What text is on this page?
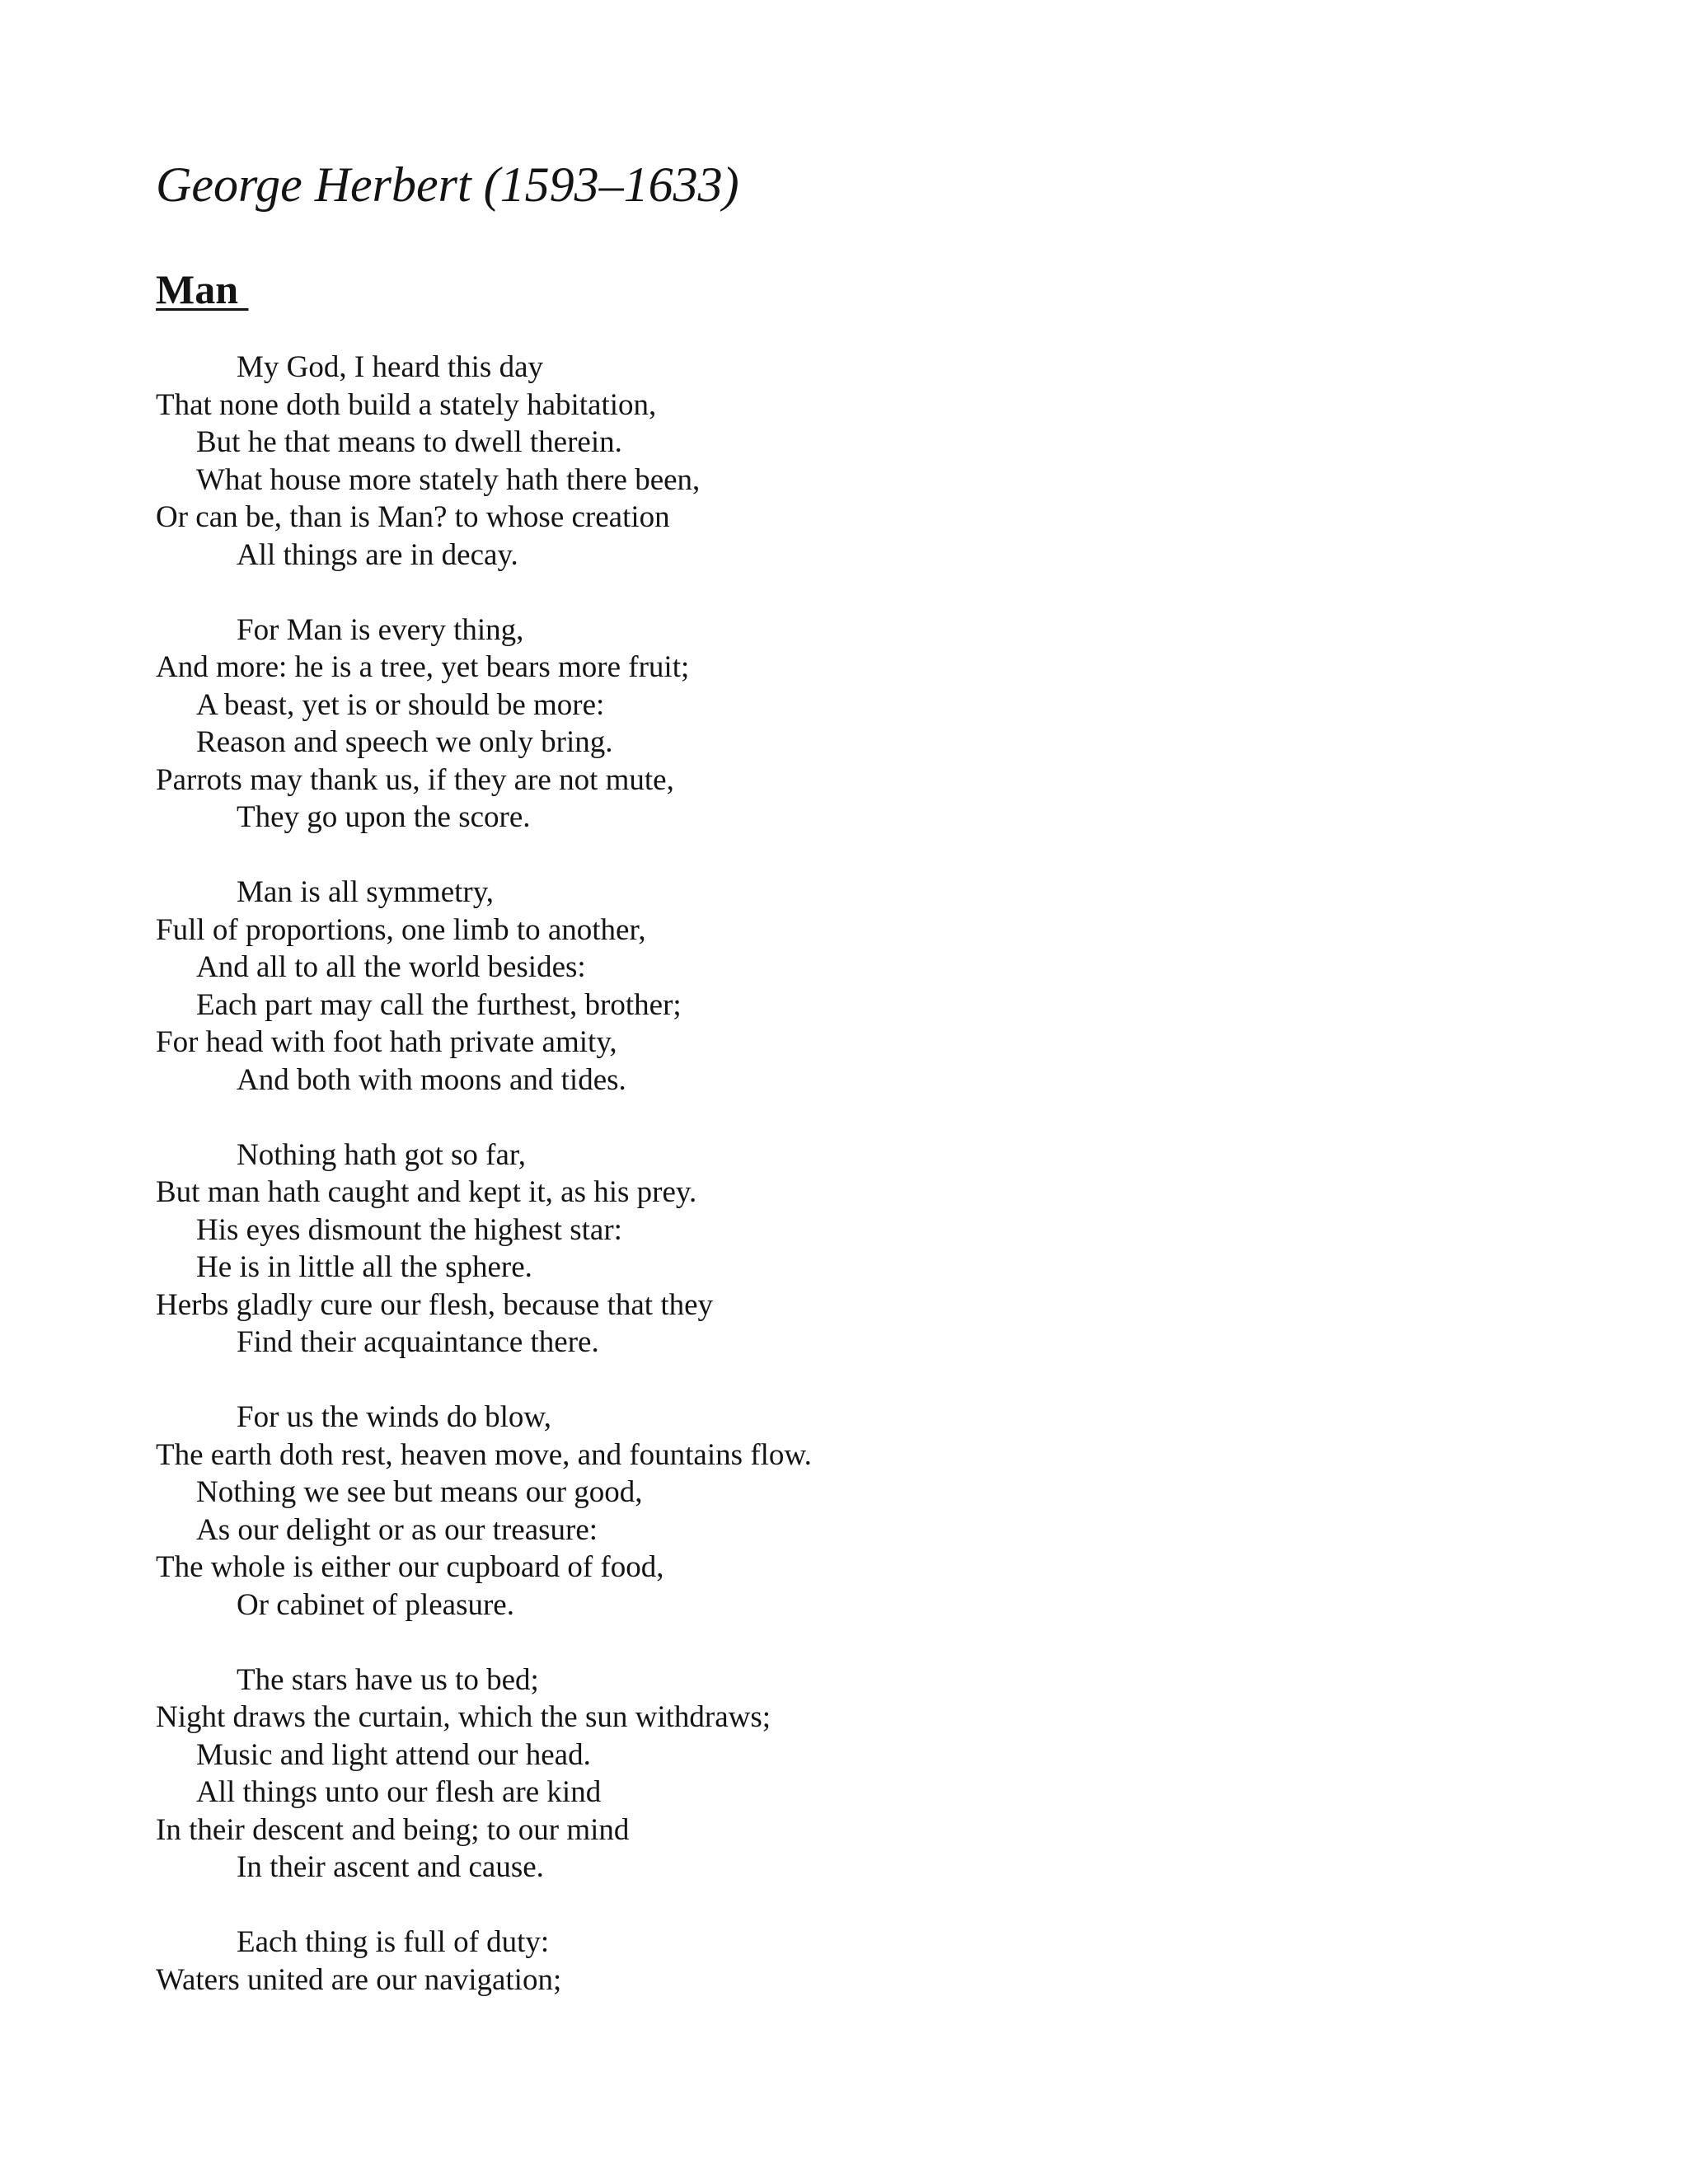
George Herbert (1593–1633)
Man
My God, I heard this day
That none doth build a stately habitation,
But he that means to dwell therein.
What house more stately hath there been,
Or can be, than is Man? to whose creation
All things are in decay.
For Man is every thing,
And more: he is a tree, yet bears more fruit;
A beast, yet is or should be more:
Reason and speech we only bring.
Parrots may thank us, if they are not mute,
They go upon the score.
Man is all symmetry,
Full of proportions, one limb to another,
And all to all the world besides:
Each part may call the furthest, brother;
For head with foot hath private amity,
And both with moons and tides.
Nothing hath got so far,
But man hath caught and kept it, as his prey.
His eyes dismount the highest star:
He is in little all the sphere.
Herbs gladly cure our flesh, because that they
Find their acquaintance there.
For us the winds do blow,
The earth doth rest, heaven move, and fountains flow.
Nothing we see but means our good,
As our delight or as our treasure:
The whole is either our cupboard of food,
Or cabinet of pleasure.
The stars have us to bed;
Night draws the curtain, which the sun withdraws;
Music and light attend our head.
All things unto our flesh are kind
In their descent and being; to our mind
In their ascent and cause.
Each thing is full of duty:
Waters united are our navigation;
